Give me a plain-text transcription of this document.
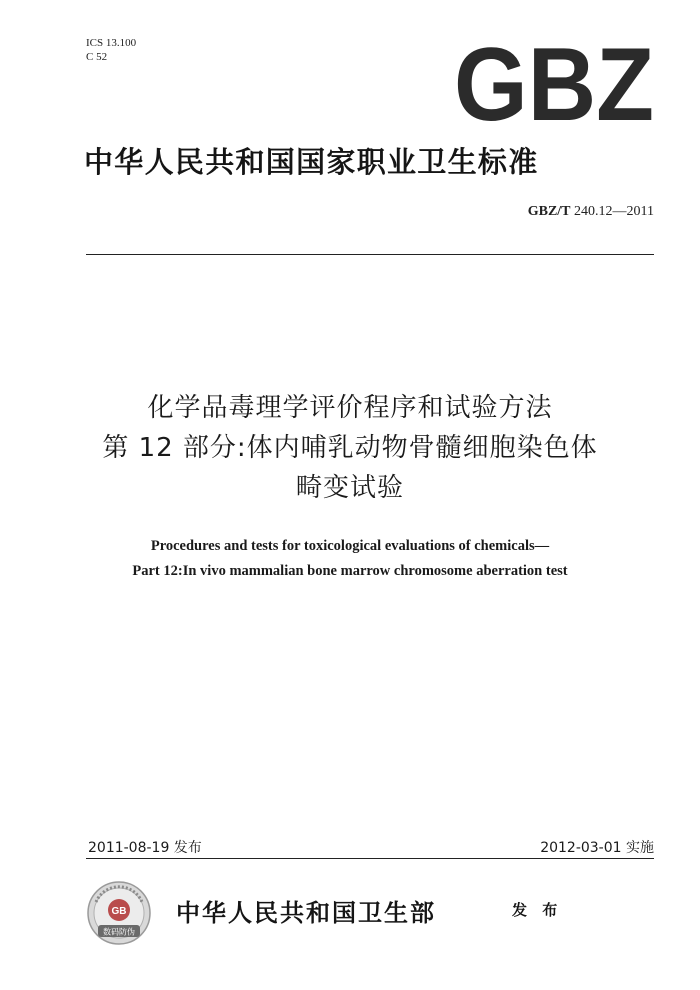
ICS 13.100
C 52	GBZ
中华人民共和国国家职业卫生标准
GBZ/T 240.12—2011
化学品毒理学评价程序和试验方法
第 12 部分:体内哺乳动物骨髓细胞染色体
畸变试验
Procedures and tests for toxicological evaluations of chemicals—
Part 12:In vivo mammalian bone marrow chromosome aberration test
2011-08-19 发布	2012-03-01 实施
GB
数码防伪
中华人民共和国卫生部	发 布
